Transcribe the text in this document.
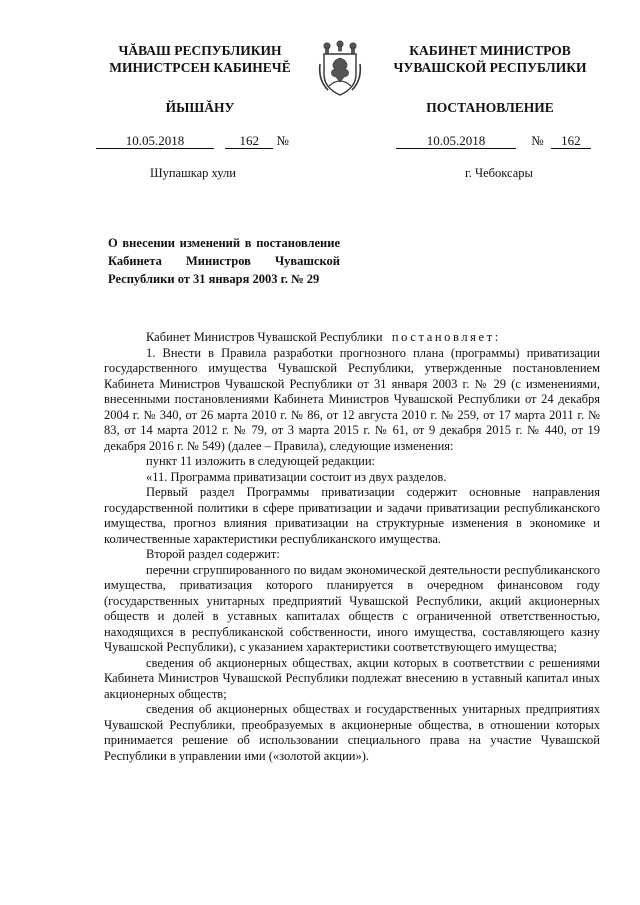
ЧĂВАШ РЕСПУБЛИКИН
МИНИСТРСЕН КАБИНЕЧĔ
КАБИНЕТ МИНИСТРОВ
ЧУВАШСКОЙ РЕСПУБЛИКИ
ЙЫШĂНУ	ПОСТАНОВЛЕНИЕ
10.05.2018	162 №	10.05.2018	№ 162
Шупашкар хули	г. Чебоксары
О внесении изменений в постановление Кабинета Министров Чувашской Республики от 31 января 2003 г. № 29

Кабинет Министров Чувашской Республики постановляет:

1. Внести в Правила разработки прогнозного плана (программы) приватизации государственного имущества Чувашской Республики, утвержденные постановлением Кабинета Министров Чувашской Республики от 31 января 2003 г. № 29 (с изменениями, внесенными постановлениями Кабинета Министров Чувашской Республики от 24 декабря 2004 г. № 340, от 26 марта 2010 г. № 86, от 12 августа 2010 г. № 259, от 17 марта 2011 г. № 83, от 14 марта 2012 г. № 79, от 3 марта 2015 г. № 61, от 9 декабря 2015 г. № 440, от 19 декабря 2016 г. № 549) (далее – Правила), следующие изменения:

пункт 11 изложить в следующей редакции:

«11. Программа приватизации состоит из двух разделов.

Первый раздел Программы приватизации содержит основные направления государственной политики в сфере приватизации и задачи приватизации республиканского имущества, прогноз влияния приватизации на структурные изменения в экономике и количественные характеристики республиканского имущества.

Второй раздел содержит:

перечни сгруппированного по видам экономической деятельности республиканского имущества, приватизация которого планируется в очередном финансовом году (государственных унитарных предприятий Чувашской Республики, акций акционерных обществ и долей в уставных капиталах обществ с ограниченной ответственностью, находящихся в республиканской собственности, иного имущества, составляющего казну Чувашской Республики), с указанием характеристики соответствующего имущества;

сведения об акционерных обществах, акции которых в соответствии с решениями Кабинета Министров Чувашской Республики подлежат внесению в уставный капитал иных акционерных обществ;

сведения об акционерных обществах и государственных унитарных предприятиях Чувашской Республики, преобразуемых в акционерные общества, в отношении которых принимается решение об использовании специального права на участие Чувашской Республики в управлении ими («золотой акции»).
